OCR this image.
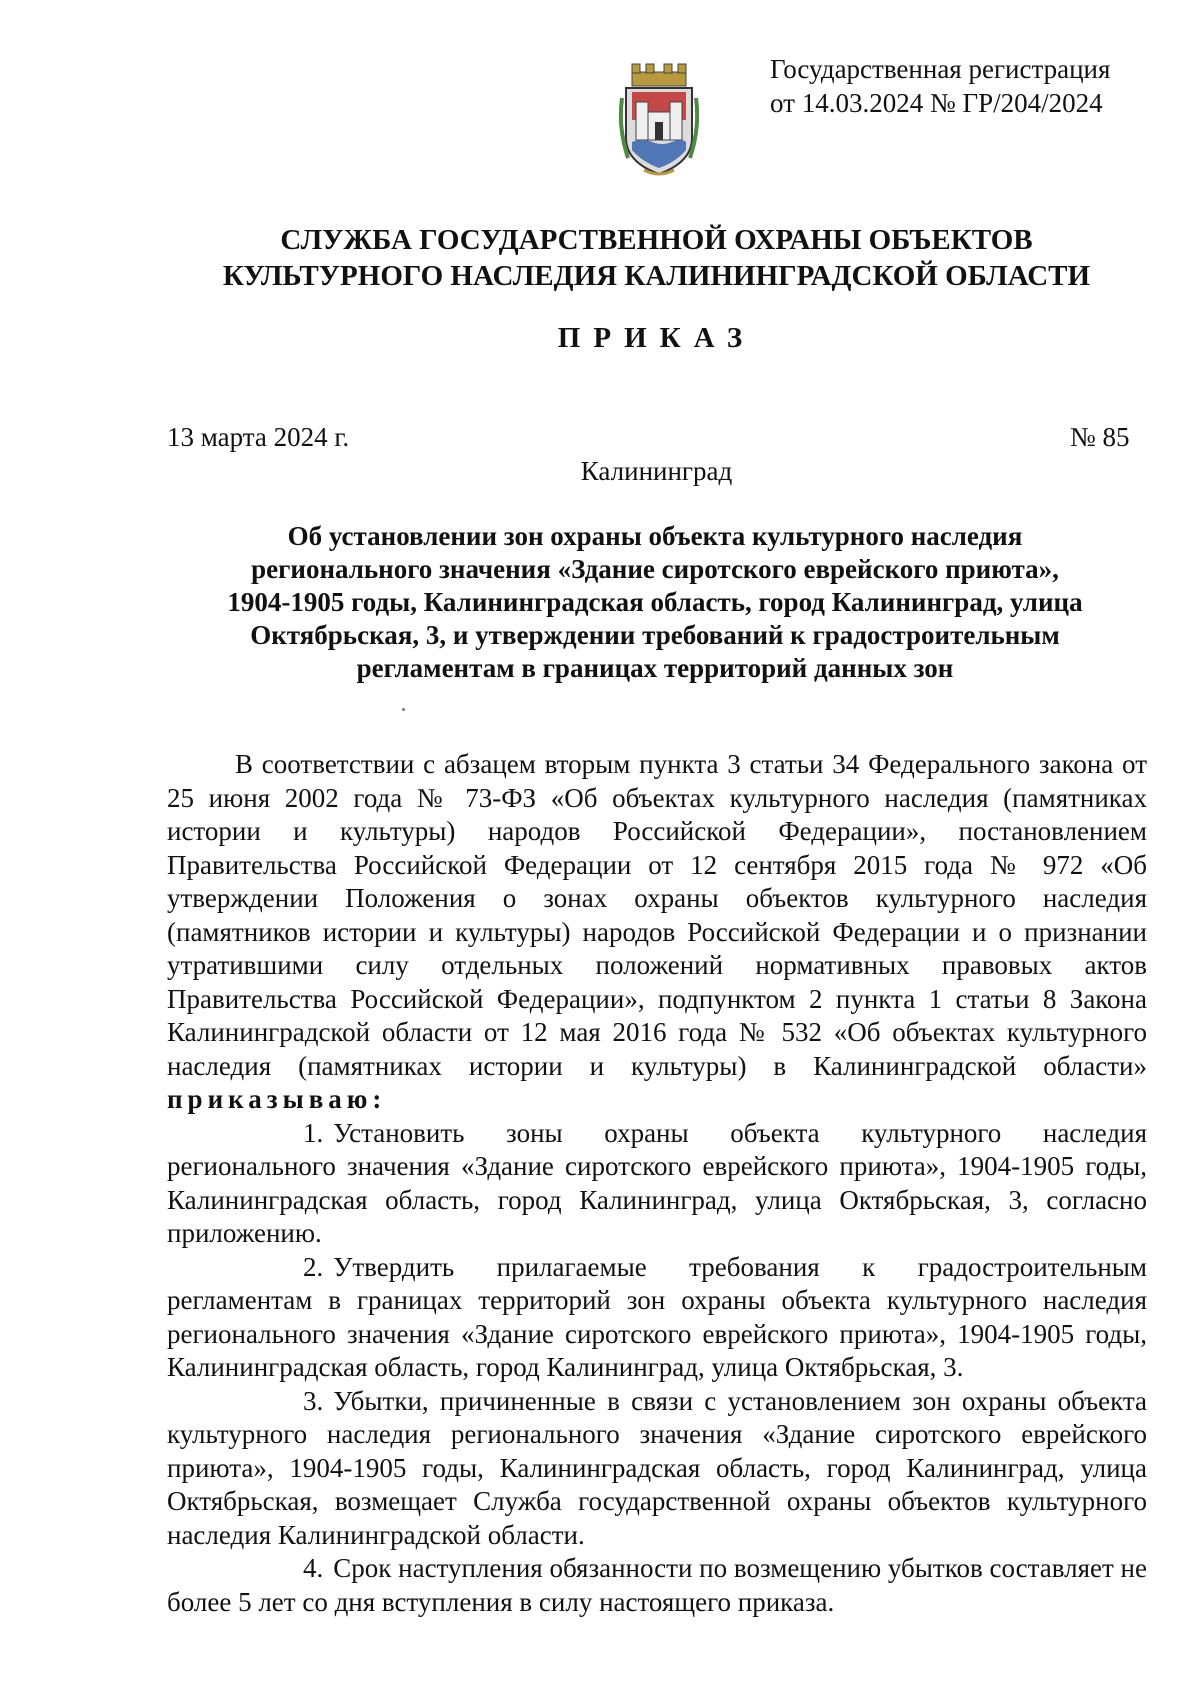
Государственная регистрация
от 14.03.2024 № ГР/204/2024
СЛУЖБА ГОСУДАРСТВЕННОЙ ОХРАНЫ ОБЪЕКТОВ
КУЛЬТУРНОГО НАСЛЕДИЯ КАЛИНИНГРАДСКОЙ ОБЛАСТИ
ПРИКАЗ
13 марта 2024 г.	№ 85
Калининград
Об установлении зон охраны объекта культурного наследия
регионального значения «Здание сиротского еврейского приюта»,
1904-1905 годы, Калининградская область, город Калининград, улица
Октябрьская, 3, и утверждении требований к градостроительным
регламентам в границах территорий данных зон

В соответствии с абзацем вторым пункта 3 статьи 34 Федерального закона от 25 июня 2002 года № 73-ФЗ «Об объектах культурного наследия (памятниках истории и культуры) народов Российской Федерации», постановлением Правительства Российской Федерации от 12 сентября 2015 года № 972 «Об утверждении Положения о зонах охраны объектов культурного наследия (памятников истории и культуры) народов Российской Федерации и о признании утратившими силу отдельных положений нормативных правовых актов Правительства Российской Федерации», подпунктом 2 пункта 1 статьи 8 Закона Калининградской области от 12 мая 2016 года № 532 «Об объектах культурного наследия (памятниках истории и культуры) в Калининградской области» приказываю:

1. Установить зоны охраны объекта культурного наследия регионального значения «Здание сиротского еврейского приюта», 1904-1905 годы, Калининградская область, город Калининград, улица Октябрьская, 3, согласно приложению.

2. Утвердить прилагаемые требования к градостроительным регламентам в границах территорий зон охраны объекта культурного наследия регионального значения «Здание сиротского еврейского приюта», 1904-1905 годы, Калининградская область, город Калининград, улица Октябрьская, 3.

3. Убытки, причиненные в связи с установлением зон охраны объекта культурного наследия регионального значения «Здание сиротского еврейского приюта», 1904-1905 годы, Калининградская область, город Калининград, улица Октябрьская, возмещает Служба государственной охраны объектов культурного наследия Калининградской области.

4. Срок наступления обязанности по возмещению убытков составляет не более 5 лет со дня вступления в силу настоящего приказа.
